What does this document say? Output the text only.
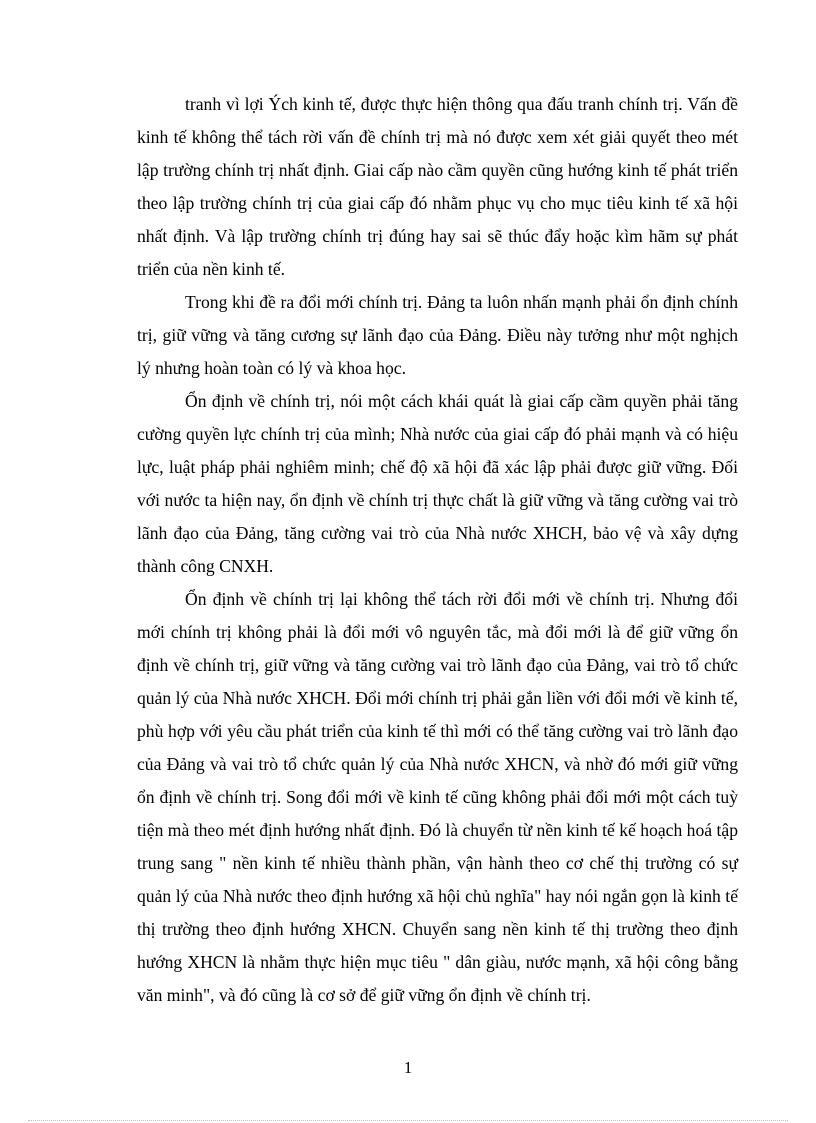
tranh vì lợi Ých kinh tế, được thực hiện thông qua đấu tranh chính trị. Vấn đề kinh tế không thể tách rời vấn đề chính trị mà nó được xem xét giải quyết theo mét lập trường chính trị nhất định. Giai cấp nào cầm quyền cũng hướng kinh tế phát triển theo lập trường chính trị của giai cấp đó nhằm phục vụ cho mục tiêu kinh tế xã hội nhất định. Và lập trường chính trị đúng hay sai sẽ thúc đẩy hoặc kìm hãm sự phát triển của nền kinh tế.

Trong khi đề ra đổi mới chính trị. Đảng ta luôn nhấn mạnh phải ổn định chính trị, giữ vững và tăng cương sự lãnh đạo của Đảng. Điều này tưởng như một nghịch lý nhưng hoàn toàn có lý và khoa học.

Ổn định về chính trị, nói một cách khái quát là giai cấp cầm quyền phải tăng cường quyền lực chính trị của mình; Nhà nước của giai cấp đó phải mạnh và có hiệu lực, luật pháp phải nghiêm minh; chế độ xã hội đã xác lập phải được giữ vững. Đối với nước ta hiện nay, ổn định về chính trị thực chất là giữ vững và tăng cường vai trò lãnh đạo của Đảng, tăng cường vai trò của Nhà nước XHCH, bảo vệ và xây dựng thành công CNXH.

Ổn định về chính trị lại không thể tách rời đổi mới về chính trị. Nhưng đổi mới chính trị không phải là đổi mới vô nguyên tắc, mà đổi mới là để giữ vững ổn định về chính trị, giữ vững và tăng cường vai trò lãnh đạo của Đảng, vai trò tổ chức quản lý của Nhà nước XHCH. Đổi mới chính trị phải gắn liền với đổi mới về kinh tế, phù hợp với yêu cầu phát triển của kinh tế thì mới có thể tăng cường vai trò lãnh đạo của Đảng và vai trò tổ chức quản lý của Nhà nước XHCN, và nhờ đó mới giữ vững ổn định về chính trị. Song đổi mới về kinh tế cũng không phải đổi mới một cách tuỳ tiện mà theo mét định hướng nhất định. Đó là chuyển từ nền kinh tế kế hoạch hoá tập trung sang " nền kinh tế nhiều thành phần, vận hành theo cơ chế thị trường có sự quản lý của Nhà nước theo định hướng xã hội chủ nghĩa" hay nói ngắn gọn là kinh tế thị trường theo định hướng XHCN. Chuyển sang nền kinh tế thị trường theo định hướng XHCN là nhằm thực hiện mục tiêu " dân giàu, nước mạnh, xã hội công bằng văn minh", và đó cũng là cơ sở để giữ vững ổn định về chính trị.

1
